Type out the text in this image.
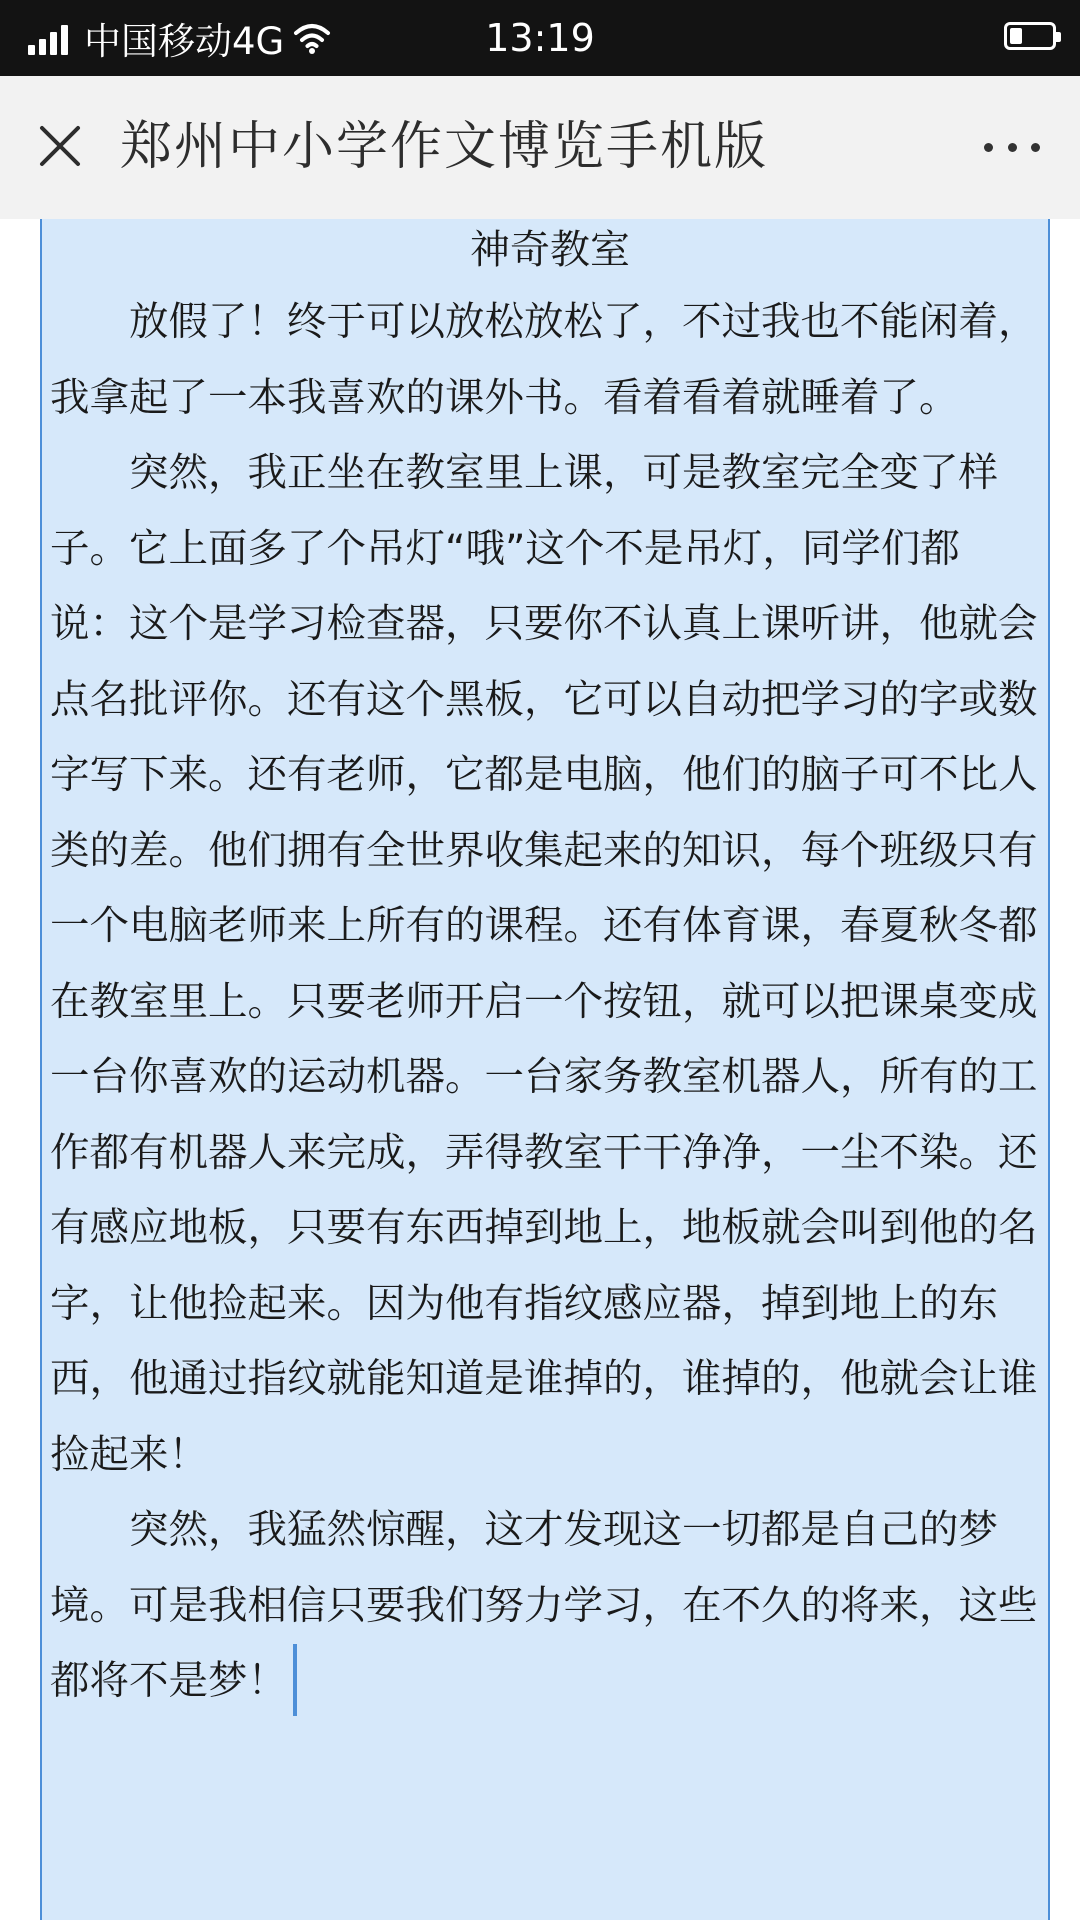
中国移动4G	13:19
郑州中小学作文博览手机版
神奇教室

放假了！终于可以放松放松了，不过我也不能闲着，我拿起了一本我喜欢的课外书。看着看着就睡着了。

突然，我正坐在教室里上课，可是教室完全变了样子。它上面多了个吊灯“哦”这个不是吊灯，同学们都说：这个是学习检查器，只要你不认真上课听讲，他就会点名批评你。还有这个黑板，它可以自动把学习的字或数字写下来。还有老师，它都是电脑，他们的脑子可不比人类的差。他们拥有全世界收集起来的知识，每个班级只有一个电脑老师来上所有的课程。还有体育课，春夏秋冬都在教室里上。只要老师开启一个按钮，就可以把课桌变成一台你喜欢的运动机器。一台家务教室机器人，所有的工作都有机器人来完成，弄得教室干干净净，一尘不染。还有感应地板，只要有东西掉到地上，地板就会叫到他的名字，让他捡起来。因为他有指纹感应器，掉到地上的东西，他通过指纹就能知道是谁掉的，谁掉的，他就会让谁捡起来！

突然，我猛然惊醒，这才发现这一切都是自己的梦境。可是我相信只要我们努力学习，在不久的将来，这些都将不是梦！
